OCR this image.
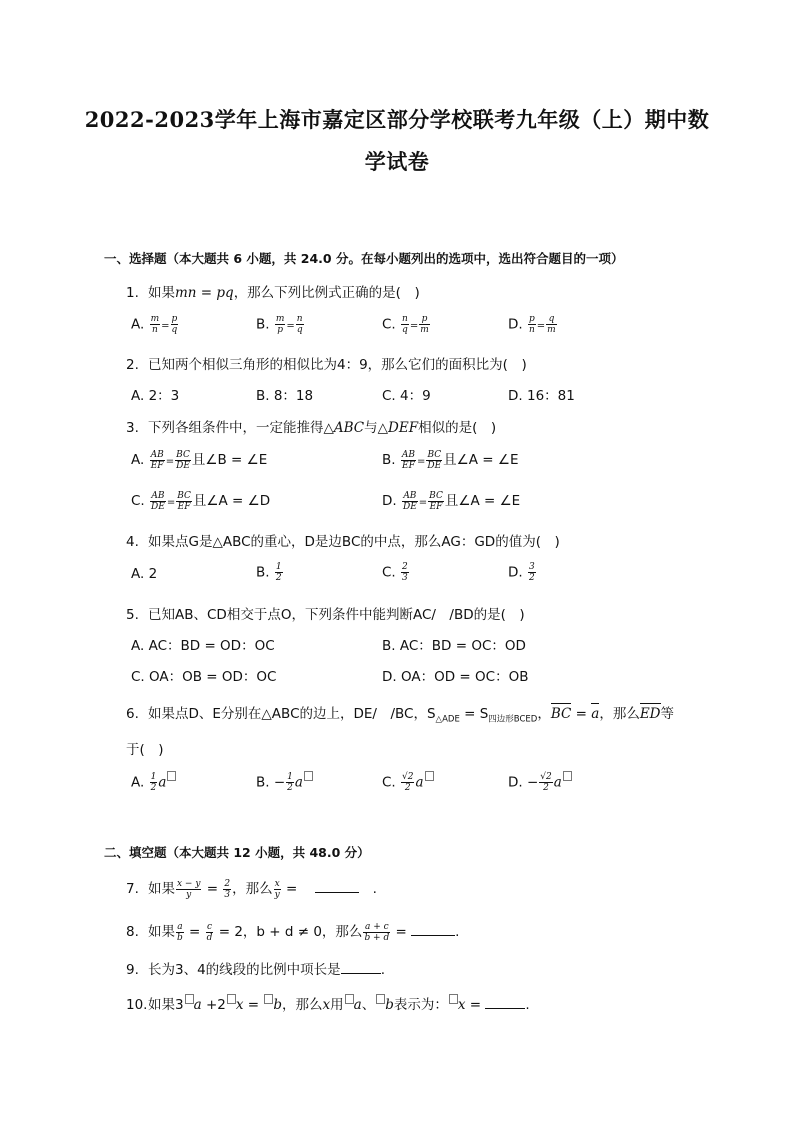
2022-2023学年上海市嘉定区部分学校联考九年级（上）期中数
学试卷
一、选择题（本大题共 6 小题，共 24.0 分。在每小题列出的选项中，选出符合题目的一项）
1. 如果mn = pq，那么下列比例式正确的是(　)
A. $\frac{m}{n} = \frac{p}{q}$	B. $\frac{m}{p} = \frac{n}{q}$	C. $\frac{n}{q} = \frac{p}{m}$	D. $\frac{p}{n} = \frac{q}{m}$
2. 已知两个相似三角形的相似比为4：9，那么它们的面积比为(　)
A. 2：3	B. 8：18	C. 4：9	D. 16：81
3. 下列各组条件中，一定能推得△ABC与△DEF相似的是(　)
A. $\frac{AB}{EF} = \frac{BC}{DE}$ 且∠B = ∠E	B. $\frac{AB}{EF} = \frac{BC}{DE}$ 且∠A = ∠E
C. $\frac{AB}{DE} = \frac{BC}{EF}$ 且∠A = ∠D	D. $\frac{AB}{DE} = \frac{BC}{EF}$ 且∠A = ∠E
4. 如果点G是△ABC的重心，D是边BC的中点，那么AG：GD的值为(　)
A. 2	B. $\frac{1}{2}$	C. $\frac{2}{3}$	D. $\frac{3}{2}$
5. 已知AB、CD相交于点O，下列条件中能判断AC/　/BD的是(　)
A. AC：BD = OD：OC	B. AC：BD = OC：OD
C. OA：OB = OD：OC	D. OA：OD = OC：OB
6. 如果点D、E分别在△ABC的边上，DE/　/BC，$S_{\triangle ADE} = S_{四边形BCED}$，BC = a，那么ED等
于(　)
A. $\frac{1}{2}$ a	B. − $\frac{1}{2}$ a	C. $\frac{√2}{2}$ a	D. − $\frac{√2}{2}$ a
二、填空题（本大题共 12 小题，共 48.0 分）
7. 如果 $\frac{x - y}{y} = \frac{2}{3}$ ，那么 $\frac{x}{y}$ = 　	　.
8. 如果 $\frac{a}{b} = \frac{c}{d} = 2$，b + d ≠ 0，那么 $\frac{a + c}{b + d}$ =	.
9. 长为3、4的线段的比例中项长是	.
10.如果3 a +2 x = b，那么x用 a、 b表示为： x =	.
